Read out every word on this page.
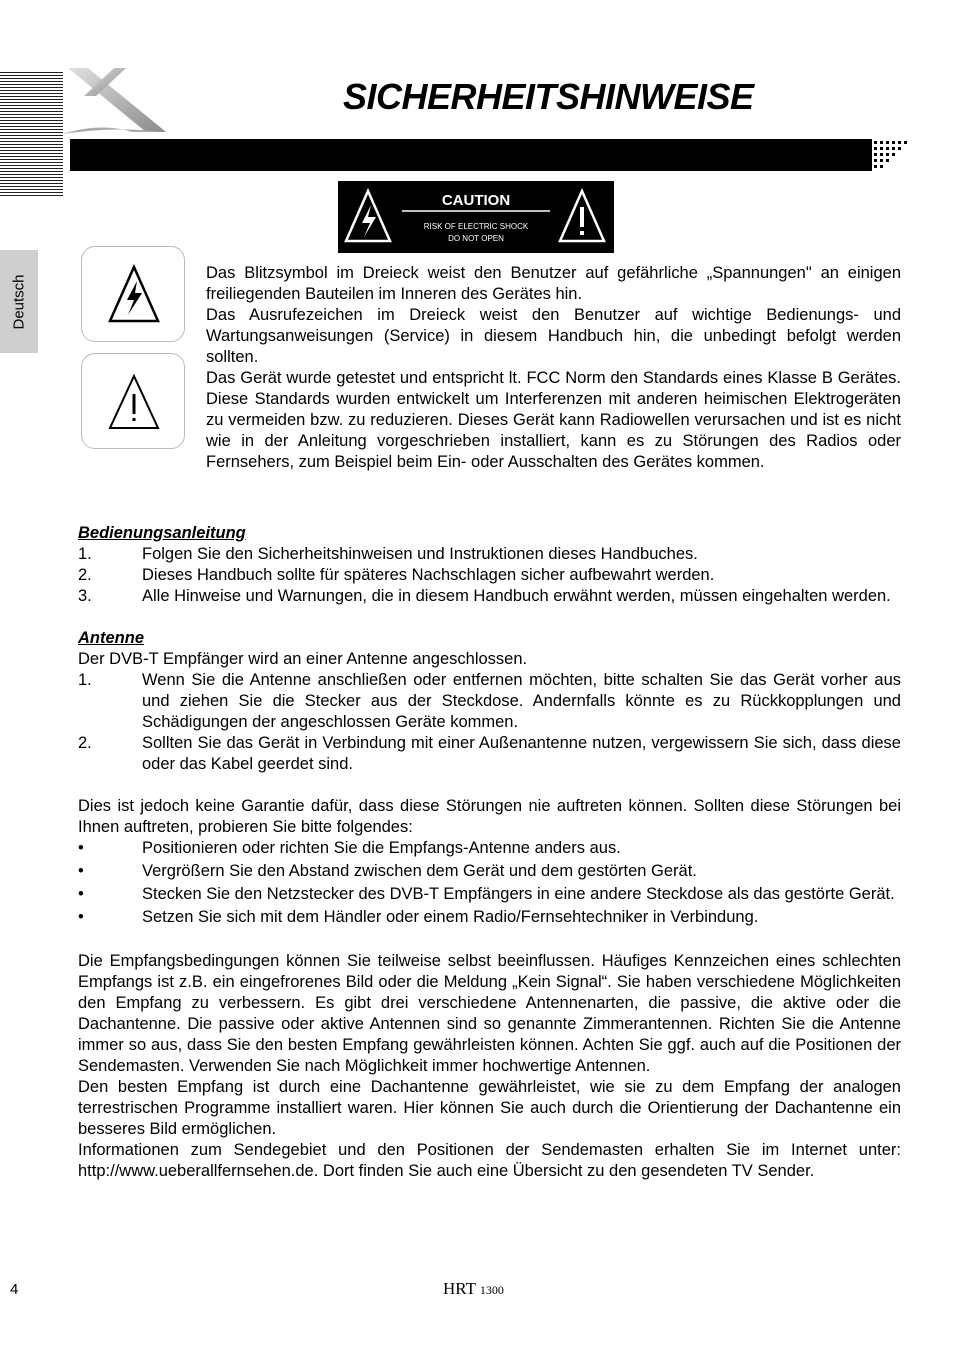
Deutsch
SICHERHEITSHINWEISE
CAUTION
RISK OF ELECTRIC SHOCK
DO NOT OPEN

Das Blitzsymbol im Dreieck weist den Benutzer auf gefährliche „Spannungen" an einigen freiliegenden Bauteilen im Inneren des Gerätes hin.

Das Ausrufezeichen im Dreieck weist den Benutzer auf wichtige Bedienungs- und Wartungsanweisungen (Service) in diesem Handbuch hin, die unbedingt befolgt werden sollten.

Das Gerät wurde getestet und entspricht lt. FCC Norm den Standards eines Klasse B Gerätes. Diese Standards wurden entwickelt um Interferenzen mit anderen heimischen Elektrogeräten zu vermeiden bzw. zu reduzieren. Dieses Gerät kann Radiowellen verursachen und ist es nicht wie in der Anleitung vorgeschrieben installiert, kann es zu Störungen des Radios oder Fernsehers, zum Beispiel beim Ein- oder Ausschalten des Gerätes kommen.

Bedienungsanleitung
1.	Folgen Sie den Sicherheitshinweisen und Instruktionen dieses Handbuches.
2.	Dieses Handbuch sollte für späteres Nachschlagen sicher aufbewahrt werden.
3.	Alle Hinweise und Warnungen, die in diesem Handbuch erwähnt werden, müssen eingehalten werden.
Antenne
Der DVB-T Empfänger wird an einer Antenne angeschlossen.
1.	Wenn Sie die Antenne anschließen oder entfernen möchten, bitte schalten Sie das Gerät vorher aus und ziehen Sie die Stecker aus der Steckdose. Andernfalls könnte es zu Rückkopplungen und Schädigungen der angeschlossen Geräte kommen.
2.	Sollten Sie das Gerät in Verbindung mit einer Außenantenne nutzen, vergewissern Sie sich, dass diese oder das Kabel geerdet sind.
Dies ist jedoch keine Garantie dafür, dass diese Störungen nie auftreten können. Sollten diese Störungen bei Ihnen auftreten, probieren Sie bitte folgendes:
•	Positionieren oder richten Sie die Empfangs-Antenne anders aus.
•	Vergrößern Sie den Abstand zwischen dem Gerät und dem gestörten Gerät.
•	Stecken Sie den Netzstecker des DVB-T Empfängers in eine andere Steckdose als das gestörte Gerät.
•	Setzen Sie sich mit dem Händler oder einem Radio/Fernsehtechniker in Verbindung.
Die Empfangsbedingungen können Sie teilweise selbst beeinflussen. Häufiges Kennzeichen eines schlechten Empfangs ist z.B. ein eingefrorenes Bild oder die Meldung „Kein Signal“. Sie haben verschiedene Möglichkeiten den Empfang zu verbessern. Es gibt drei verschiedene Antennenarten, die passive, die aktive oder die Dachantenne. Die passive oder aktive Antennen sind so genannte Zimmerantennen. Richten Sie die Antenne immer so aus, dass Sie den besten Empfang gewährleisten können. Achten Sie ggf. auch auf die Positionen der Sendemasten. Verwenden Sie nach Möglichkeit immer hochwertige Antennen.
Den besten Empfang ist durch eine Dachantenne gewährleistet, wie sie zu dem Empfang der analogen terrestrischen Programme installiert waren. Hier können Sie auch durch die Orientierung der Dachantenne ein besseres Bild ermöglichen.
Informationen zum Sendegebiet und den Positionen der Sendemasten erhalten Sie im Internet unter: http://www.ueberallfernsehen.de. Dort finden Sie auch eine Übersicht zu den gesendeten TV Sender.
4	HRT 1300
